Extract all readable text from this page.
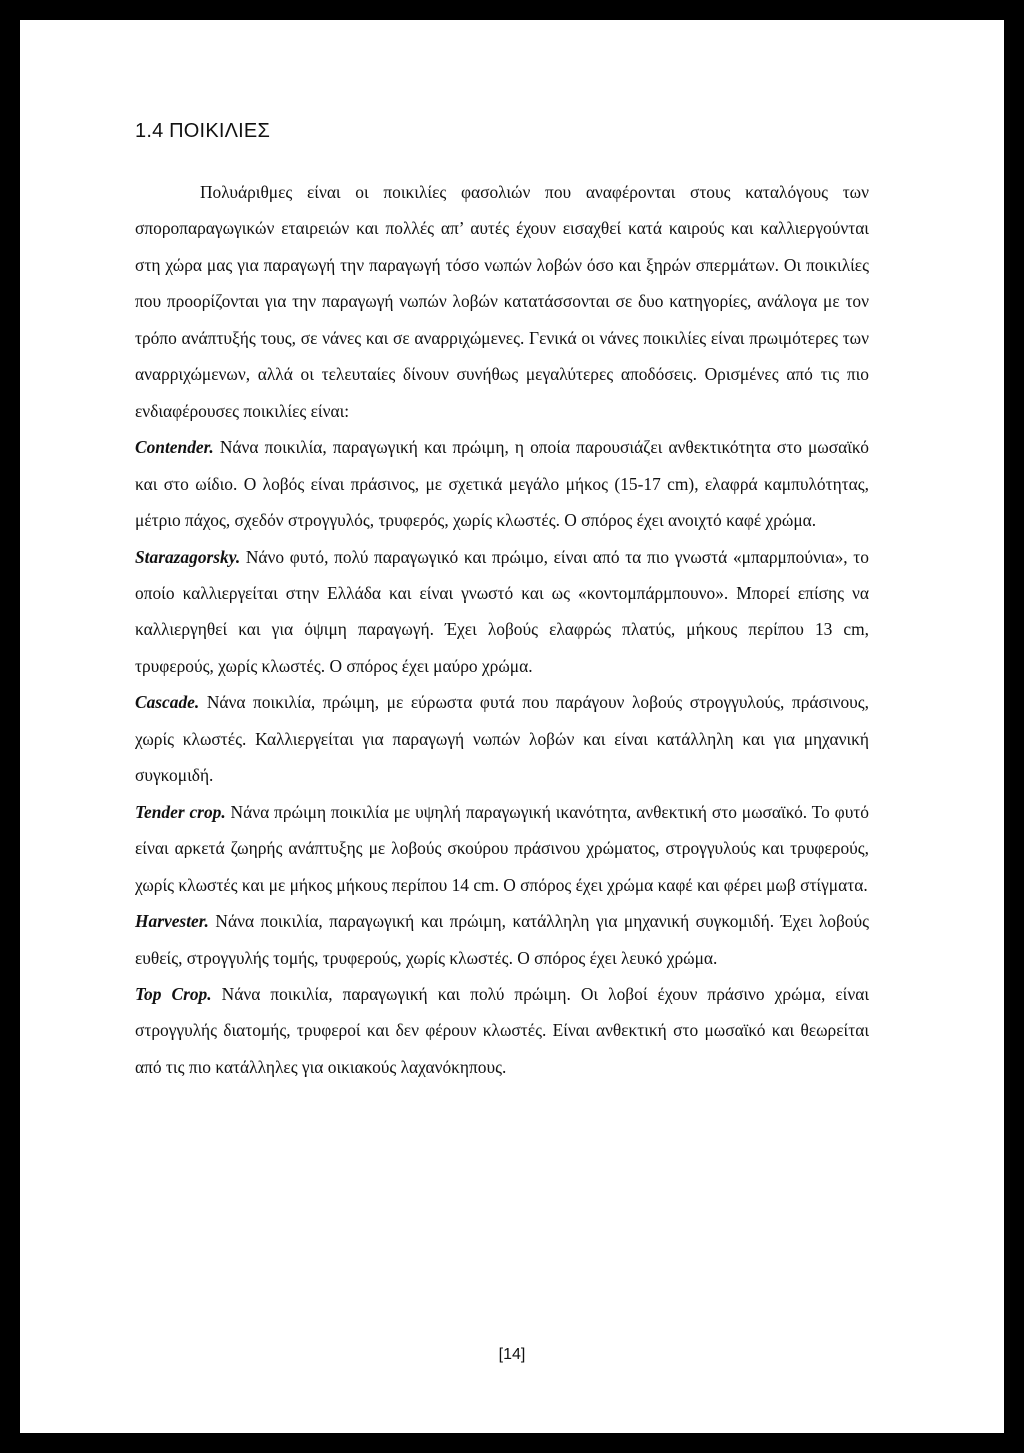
1.4 ΠΟΙΚΙΛΙΕΣ

Πολυάριθμες είναι οι ποικιλίες φασολιών που αναφέρονται στους καταλόγους των σποροπαραγωγικών εταιρειών και πολλές απ’ αυτές έχουν εισαχθεί κατά καιρούς και καλλιεργούνται στη χώρα μας για παραγωγή την παραγωγή τόσο νωπών λοβών όσο και ξηρών σπερμάτων. Οι ποικιλίες που προορίζονται για την παραγωγή νωπών λοβών κατατάσσονται σε δυο κατηγορίες, ανάλογα με τον τρόπο ανάπτυξής τους, σε νάνες και σε αναρριχώμενες. Γενικά οι νάνες ποικιλίες είναι πρωιμότερες των αναρριχώμενων, αλλά οι τελευταίες δίνουν συνήθως μεγαλύτερες αποδόσεις. Ορισμένες από τις πιο ενδιαφέρουσες ποικιλίες είναι:

Contender. Νάνα ποικιλία, παραγωγική και πρώιμη, η οποία παρουσιάζει ανθεκτικότητα στο μωσαϊκό και στο ωίδιο. Ο λοβός είναι πράσινος, με σχετικά μεγάλο μήκος (15-17 cm), ελαφρά καμπυλότητας, μέτριο πάχος, σχεδόν στρογγυλός, τρυφερός, χωρίς κλωστές. Ο σπόρος έχει ανοιχτό καφέ χρώμα.

Starazagorsky. Νάνο φυτό, πολύ παραγωγικό και πρώιμο, είναι από τα πιο γνωστά «μπαρμπούνια», το οποίο καλλιεργείται στην Ελλάδα και είναι γνωστό και ως «κοντομπάρμπουνο». Μπορεί επίσης να καλλιεργηθεί και για όψιμη παραγωγή. Έχει λοβούς ελαφρώς πλατύς, μήκους περίπου 13 cm, τρυφερούς, χωρίς κλωστές. Ο σπόρος έχει μαύρο χρώμα.

Cascade. Νάνα ποικιλία, πρώιμη, με εύρωστα φυτά που παράγουν λοβούς στρογγυλούς, πράσινους, χωρίς κλωστές. Καλλιεργείται για παραγωγή νωπών λοβών και είναι κατάλληλη και για μηχανική συγκομιδή.

Tender crop. Νάνα πρώιμη ποικιλία με υψηλή παραγωγική ικανότητα, ανθεκτική στο μωσαϊκό. Το φυτό είναι αρκετά ζωηρής ανάπτυξης με λοβούς σκούρου πράσινου χρώματος, στρογγυλούς και τρυφερούς, χωρίς κλωστές και με μήκος μήκους περίπου 14 cm. Ο σπόρος έχει χρώμα καφέ και φέρει μωβ στίγματα.

Harvester. Νάνα ποικιλία, παραγωγική και πρώιμη, κατάλληλη για μηχανική συγκομιδή. Έχει λοβούς ευθείς, στρογγυλής τομής, τρυφερούς, χωρίς κλωστές. Ο σπόρος έχει λευκό χρώμα.

Top Crop. Νάνα ποικιλία, παραγωγική και πολύ πρώιμη. Οι λοβοί έχουν πράσινο χρώμα, είναι στρογγυλής διατομής, τρυφεροί και δεν φέρουν κλωστές. Είναι ανθεκτική στο μωσαϊκό και θεωρείται από τις πιο κατάλληλες για οικιακούς λαχανόκηπους.

[14]
